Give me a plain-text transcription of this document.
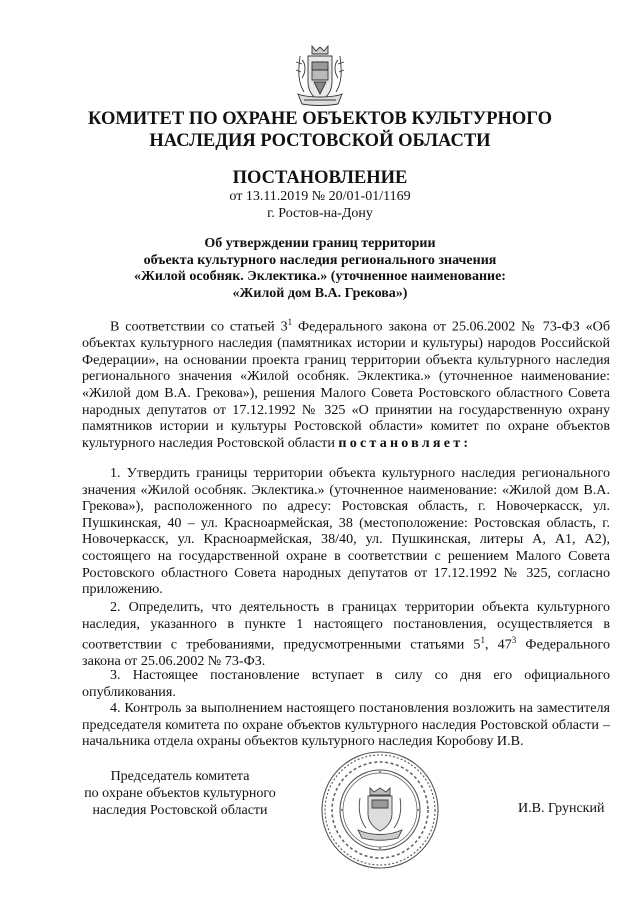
КОМИТЕТ ПО ОХРАНЕ ОБЪЕКТОВ КУЛЬТУРНОГО
НАСЛЕДИЯ РОСТОВСКОЙ ОБЛАСТИ
ПОСТАНОВЛЕНИЕ
от 13.11.2019 № 20/01-01/1169
г. Ростов-на-Дону
Об утверждении границ территории
объекта культурного наследия регионального значения
«Жилой особняк. Эклектика.» (уточненное наименование:
«Жилой дом В.А. Грекова»)
В соответствии со статьей $3^1$ Федерального закона от 25.06.2002 № 73-ФЗ «Об объектах культурного наследия (памятниках истории и культуры) народов Российской Федерации», на основании проекта границ территории объекта культурного наследия регионального значения «Жилой особняк. Эклектика.» (уточненное наименование: «Жилой дом В.А. Грекова»), решения Малого Совета Ростовского областного Совета народных депутатов от 17.12.1992 № 325 «О принятии на государственную охрану памятников истории и культуры Ростовской области» комитет по охране объектов культурного наследия Ростовской области постановляет:
1. Утвердить границы территории объекта культурного наследия регионального значения «Жилой особняк. Эклектика.» (уточненное наименование: «Жилой дом В.А. Грекова»), расположенного по адресу: Ростовская область, г. Новочеркасск, ул. Пушкинская, 40 – ул. Красноармейская, 38 (местоположение: Ростовская область, г. Новочеркасск, ул. Красноармейская, 38/40, ул. Пушкинская, литеры А, А1, А2), состоящего на государственной охране в соответствии с решением Малого Совета Ростовского областного Совета народных депутатов от 17.12.1992 № 325, согласно приложению.
2. Определить, что деятельность в границах территории объекта культурного наследия, указанного в пункте 1 настоящего постановления, осуществляется в соответствии с требованиями, предусмотренными статьями $5^1$, $47^3$ Федерального закона от 25.06.2002 № 73-ФЗ.
3. Настоящее постановление вступает в силу со дня его официального опубликования.
4. Контроль за выполнением настоящего постановления возложить на заместителя председателя комитета по охране объектов культурного наследия Ростовской области – начальника отдела охраны объектов культурного наследия Коробову И.В.
Председатель комитета
по охране объектов культурного
наследия Ростовской области	И.В. Грунский
